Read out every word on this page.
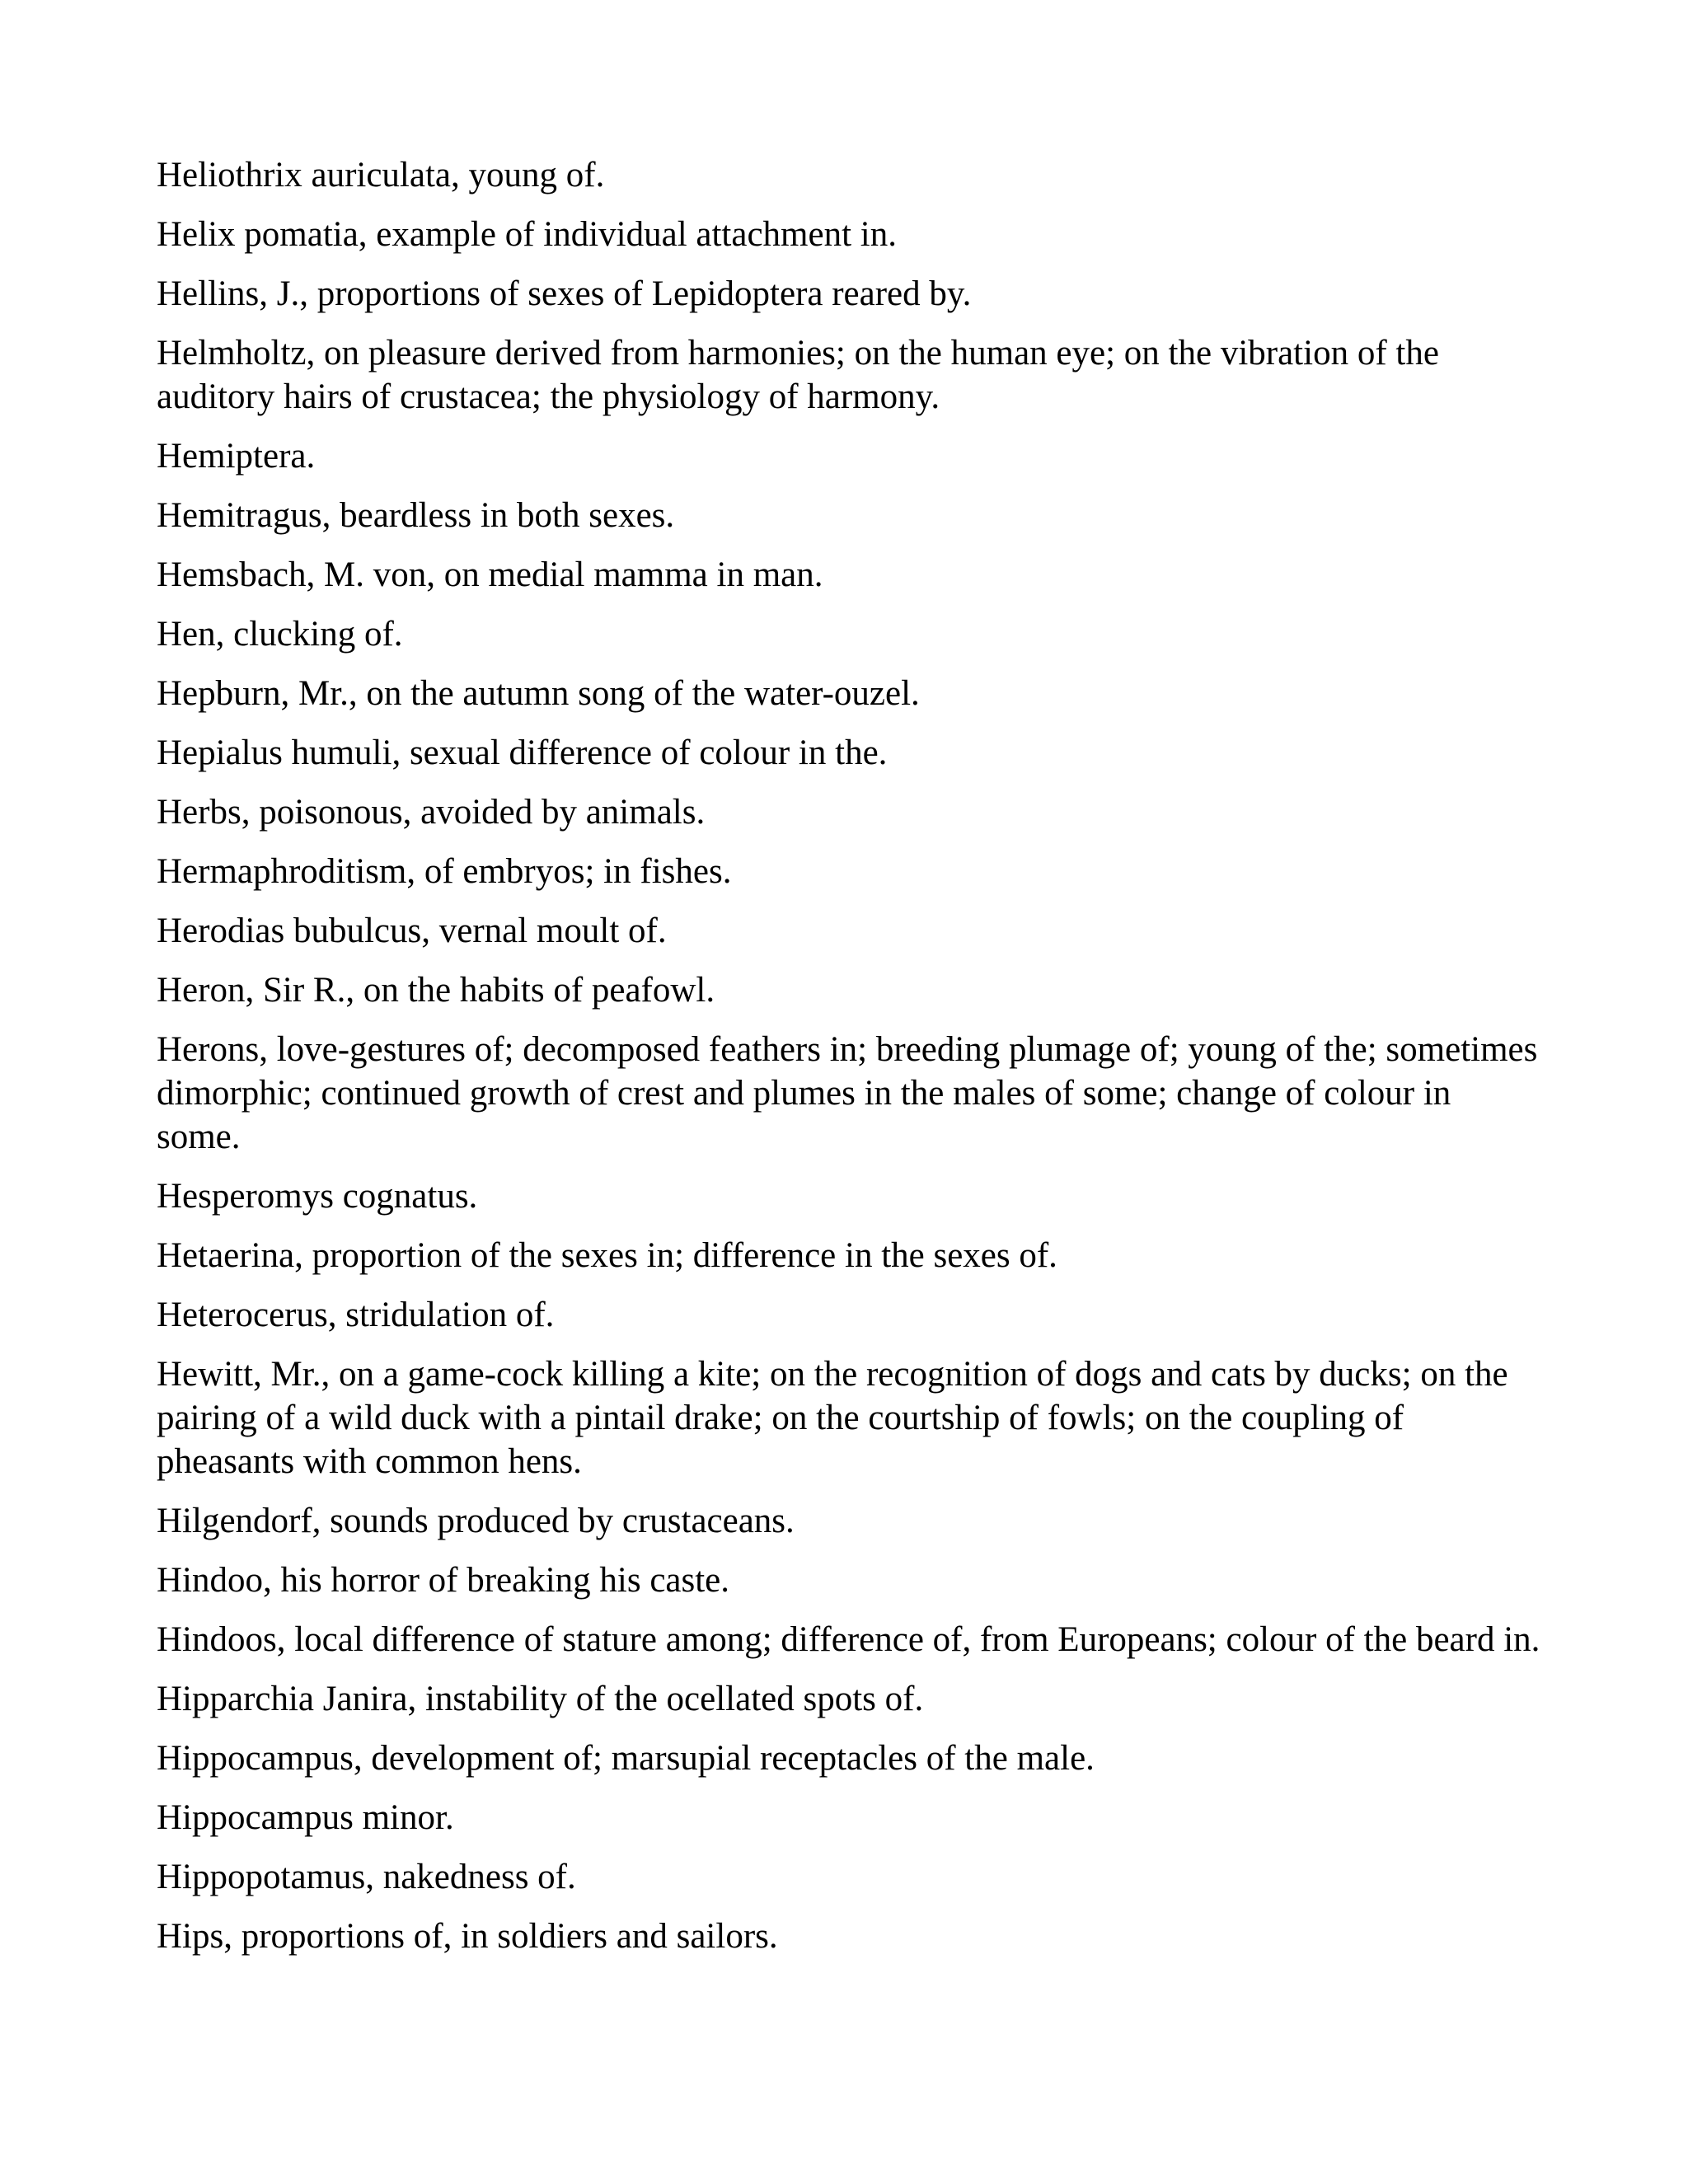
Heliothrix auriculata, young of.
Helix pomatia, example of individual attachment in.
Hellins, J., proportions of sexes of Lepidoptera reared by.
Helmholtz, on pleasure derived from harmonies; on the human eye; on the vibration of the auditory hairs of crustacea; the physiology of harmony.
Hemiptera.
Hemitragus, beardless in both sexes.
Hemsbach, M. von, on medial mamma in man.
Hen, clucking of.
Hepburn, Mr., on the autumn song of the water-ouzel.
Hepialus humuli, sexual difference of colour in the.
Herbs, poisonous, avoided by animals.
Hermaphroditism, of embryos; in fishes.
Herodias bubulcus, vernal moult of.
Heron, Sir R., on the habits of peafowl.
Herons, love-gestures of; decomposed feathers in; breeding plumage of; young of the; sometimes dimorphic; continued growth of crest and plumes in the males of some; change of colour in some.
Hesperomys cognatus.
Hetaerina, proportion of the sexes in; difference in the sexes of.
Heterocerus, stridulation of.
Hewitt, Mr., on a game-cock killing a kite; on the recognition of dogs and cats by ducks; on the pairing of a wild duck with a pintail drake; on the courtship of fowls; on the coupling of pheasants with common hens.
Hilgendorf, sounds produced by crustaceans.
Hindoo, his horror of breaking his caste.
Hindoos, local difference of stature among; difference of, from Europeans; colour of the beard in.
Hipparchia Janira, instability of the ocellated spots of.
Hippocampus, development of; marsupial receptacles of the male.
Hippocampus minor.
Hippopotamus, nakedness of.
Hips, proportions of, in soldiers and sailors.
